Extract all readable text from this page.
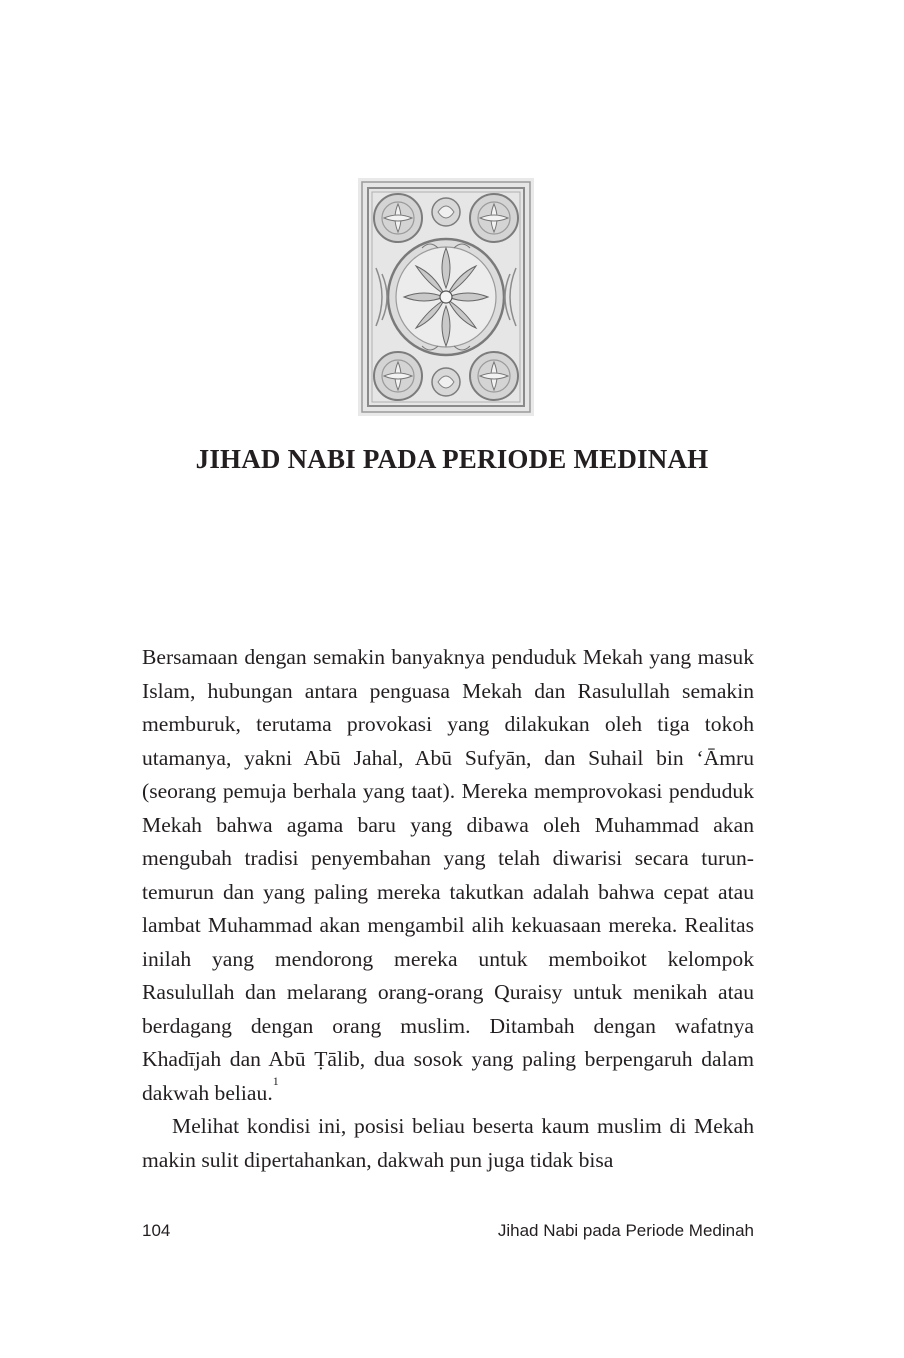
JIHAD NABI PADA PERIODE MEDINAH

Bersamaan dengan semakin banyaknya penduduk Mekah yang masuk Islam, hubungan antara penguasa Mekah dan Rasulullah semakin memburuk, terutama provokasi yang dilakukan oleh tiga tokoh utamanya, yakni Abū Jahal, Abū Sufyān, dan Suhail bin ‘Āmru (seorang pemuja berhala yang taat). Mereka memprovokasi penduduk Mekah bahwa agama baru yang dibawa oleh Muhammad akan mengubah tradisi penyembahan yang telah diwarisi secara turun-temurun dan yang paling mereka takutkan adalah bahwa cepat atau lambat Muhammad akan mengambil alih kekuasaan mereka. Realitas inilah yang mendorong mereka untuk memboikot kelompok Rasulullah dan melarang orang-orang Quraisy untuk menikah atau berdagang dengan orang muslim. Ditambah dengan wafatnya Khadījah dan Abū Ṭālib, dua sosok yang paling berpengaruh dalam dakwah beliau.$^1$

Melihat kondisi ini, posisi beliau beserta kaum muslim di Mekah makin sulit dipertahankan, dakwah pun juga tidak bisa

104	Jihad Nabi pada Periode Medinah
